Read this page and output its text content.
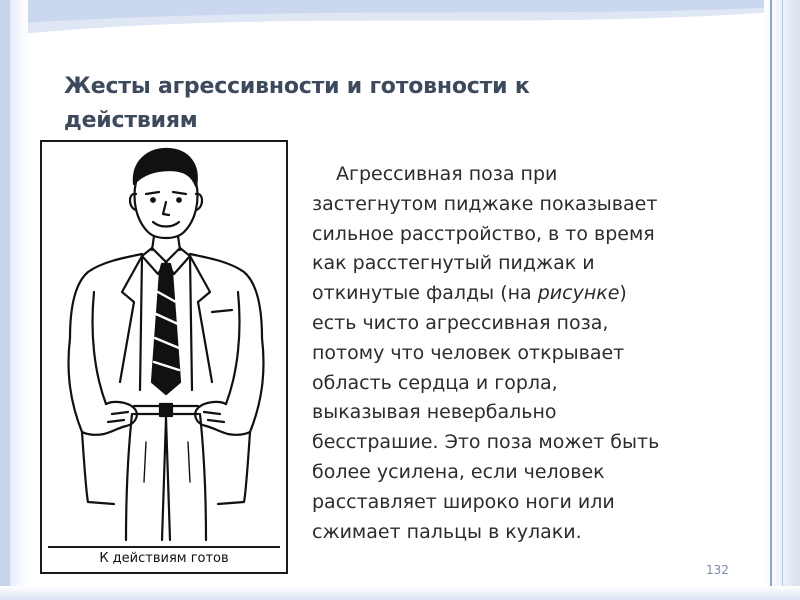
Жесты агрессивности и готовности к действиям
К действиям готов

Агрессивная поза при
застегнутом пиджаке показывает
сильное расстройство, в то время
как расстегнутый пиджак и
откинутые фалды (на рисунке)
есть чисто агрессивная поза,
потому что человек открывает
область сердца и горла,
выказывая невербально
бесстрашие. Это поза может быть
более усилена, если человек
расставляет широко ноги или
сжимает пальцы в кулаки.

132
